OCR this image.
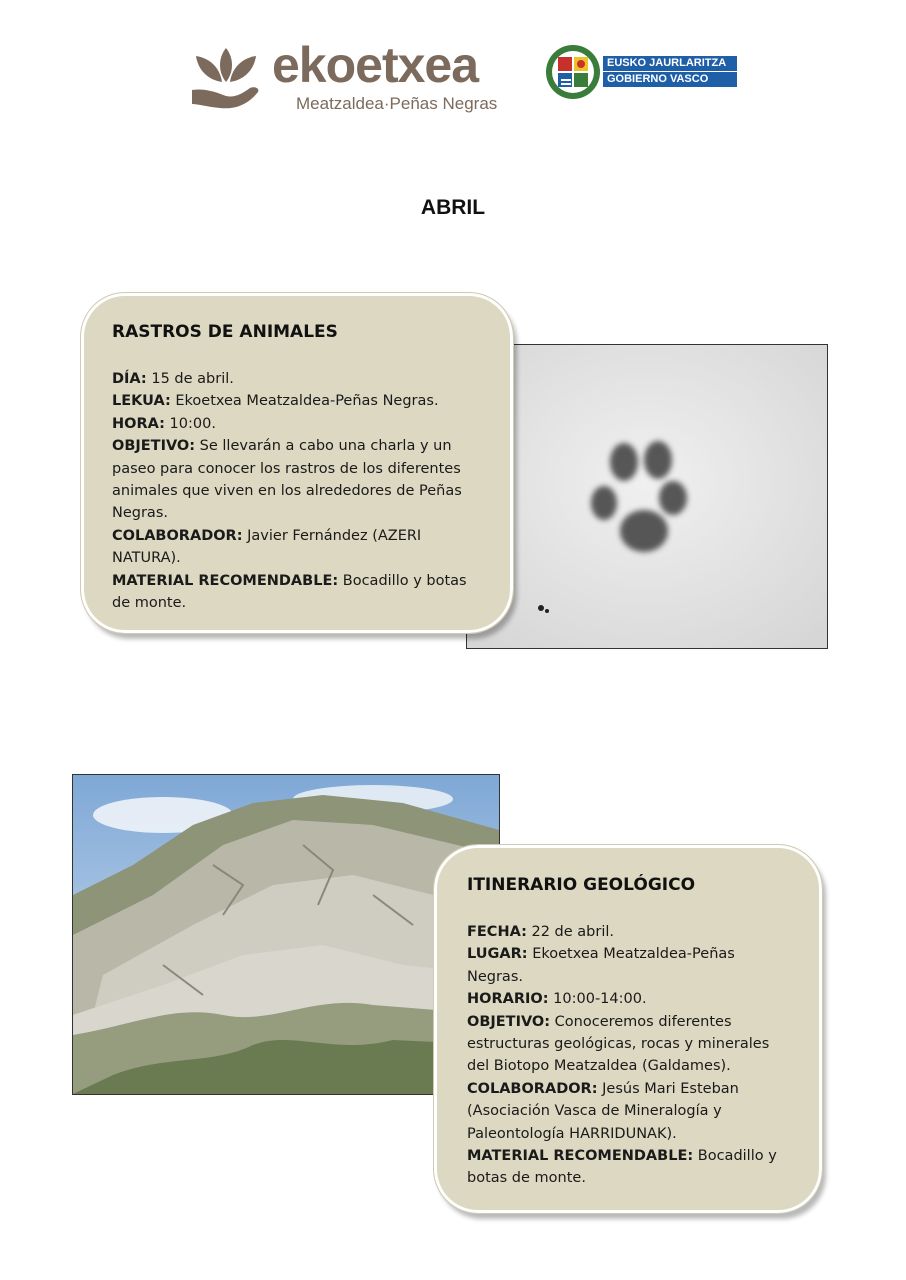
ekoetxea
Meatzaldea·Peñas Negras
EUSKO JAURLARITZA
GOBIERNO VASCO
ABRIL
RASTROS DE ANIMALES

DÍA: 15 de abril.

LEKUA: Ekoetxea Meatzaldea-Peñas Negras.

HORA: 10:00.

OBJETIVO: Se llevarán a cabo una charla y un paseo para conocer los rastros de los diferentes animales que viven en los alrededores de Peñas Negras.

COLABORADOR: Javier Fernández (AZERI NATURA).

MATERIAL RECOMENDABLE: Bocadillo y botas de monte.

ITINERARIO GEOLÓGICO

FECHA: 22 de abril.

LUGAR: Ekoetxea Meatzaldea-Peñas Negras.

HORARIO: 10:00-14:00.

OBJETIVO: Conoceremos diferentes estructuras geológicas, rocas y minerales del Biotopo Meatzaldea (Galdames).

COLABORADOR: Jesús Mari Esteban (Asociación Vasca de Mineralogía y Paleontología HARRIDUNAK).

MATERIAL RECOMENDABLE: Bocadillo y botas de monte.
